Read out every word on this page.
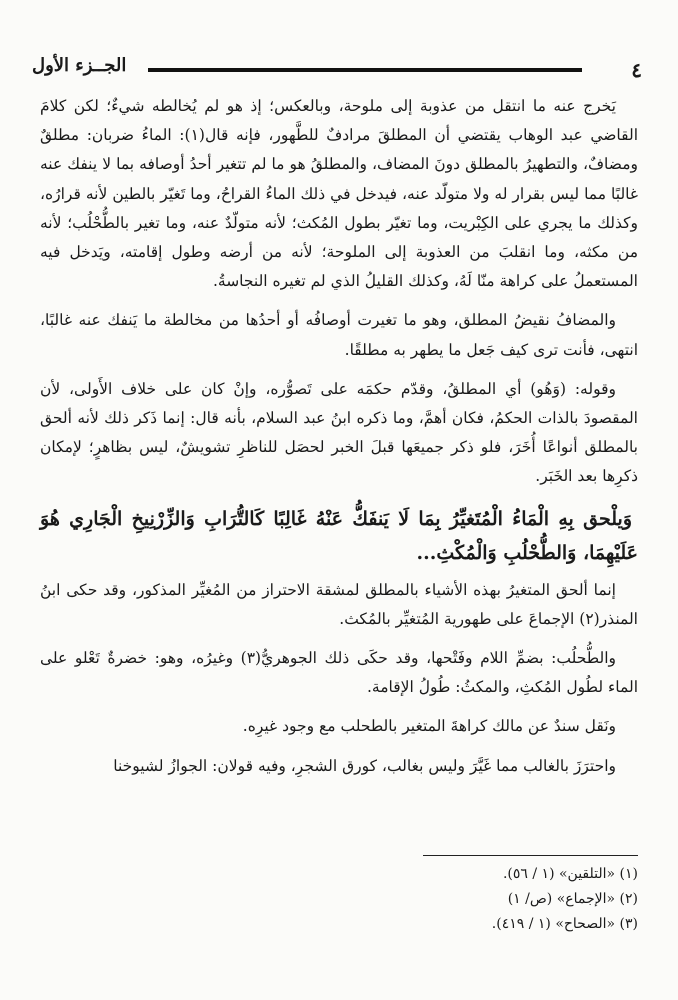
٤
الجــزء الأول

يَخرج عنه ما انتقل من عذوبة إلى ملوحة، وبالعكس؛ إذ هو لم يُخالطه شيءٌ؛ لكن كلامَ القاضي عبد الوهاب يقتضي أن المطلقَ مرادفٌ للطَّهور، فإنه قال(١): الماءُ ضربان: مطلقٌ ومضافٌ، والتطهيرُ بالمطلق دونَ المضاف، والمطلقُ هو ما لم تتغير أحدُ أوصافه بما لا ينفك عنه غالبًا مما ليس بقرار له ولا متولّد عنه، فيدخل في ذلك الماءُ القراحُ، وما تَغيّر بالطين لأنه قرارُه، وكذلك ما يجري على الكِبْريت، وما تغيّر بطول المُكث؛ لأنه متولّدٌ عنه، وما تغير بالطُّحْلُب؛ لأنه من مكثه، وما انقلبَ من العذوبة إلى الملوحة؛ لأنه من أرضه وطول إقامته، ويَدخل فيه المستعملُ على كراهة منّا لَهُ، وكذلك القليلُ الذي لم تغيره النجاسةُ.

والمضافُ نقيضُ المطلق، وهو ما تغيرت أوصافُه أو أحدُها من مخالطة ما يَنفك عنه غالبًا، انتهى، فأنت ترى كيف جَعل ما يطهر به مطلقًا.

وقوله: (وَهُو) أي المطلقُ، وقدّم حكمَه على تَصوُّره، وإنْ كان على خلاف الأَولى، لأن المقصودَ بالذات الحكمُ، فكان أهمَّ، وما ذكره ابنُ عبد السلام، بأنه قال: إنما ذَكر ذلك لأنه ألحق بالمطلق أنواعًا أُخَرَ، فلو ذكر جميعَها قبلَ الخبر لحصَل للناظرِ تشويشٌ، ليس بظاهرٍ؛ لإمكان ذكرِها بعد الخَبَر.

وَيلْحق بِهِ الْمَاءُ الْمُتَغيِّرُ بِمَا لَا يَنفَكُّ عَنْهُ غَالِبًا كَالتُّرَابِ وَالزِّرْنِيخِ الْجَارِي هُوَ عَلَيْهِمَا، وَالطُّحْلُبِ وَالْمُكْثِ...

إنما ألحق المتغيرُ بهذه الأشياء بالمطلق لمشقة الاحتراز من المُغيِّر المذكور، وقد حكى ابنُ المنذر(٢) الإجماعَ على طهورية المُتغيِّر بالمُكث.

والطُّحلُب: بضمِّ اللام وفَتْحها، وقد حكَى ذلك الجوهريُّ(٣) وغيرُه، وهو: خضرةٌ تَعْلو على الماء لطُول المُكثِ، والمكثُ: طُولُ الإقامة.

ونَقل سندٌ عن مالك كراهةَ المتغير بالطحلب مع وجود غيرِه.

واحترَزَ بالغالب مما غَيَّرَ وليس بغالب، كورق الشجرِ، وفيه قولان: الجوازُ لشيوخنا

(١) «التلقين» (١ / ٥٦).

(٢) «الإجماع» (ص/ ١)

(٣) «الصحاح» (١ / ٤١٩).
